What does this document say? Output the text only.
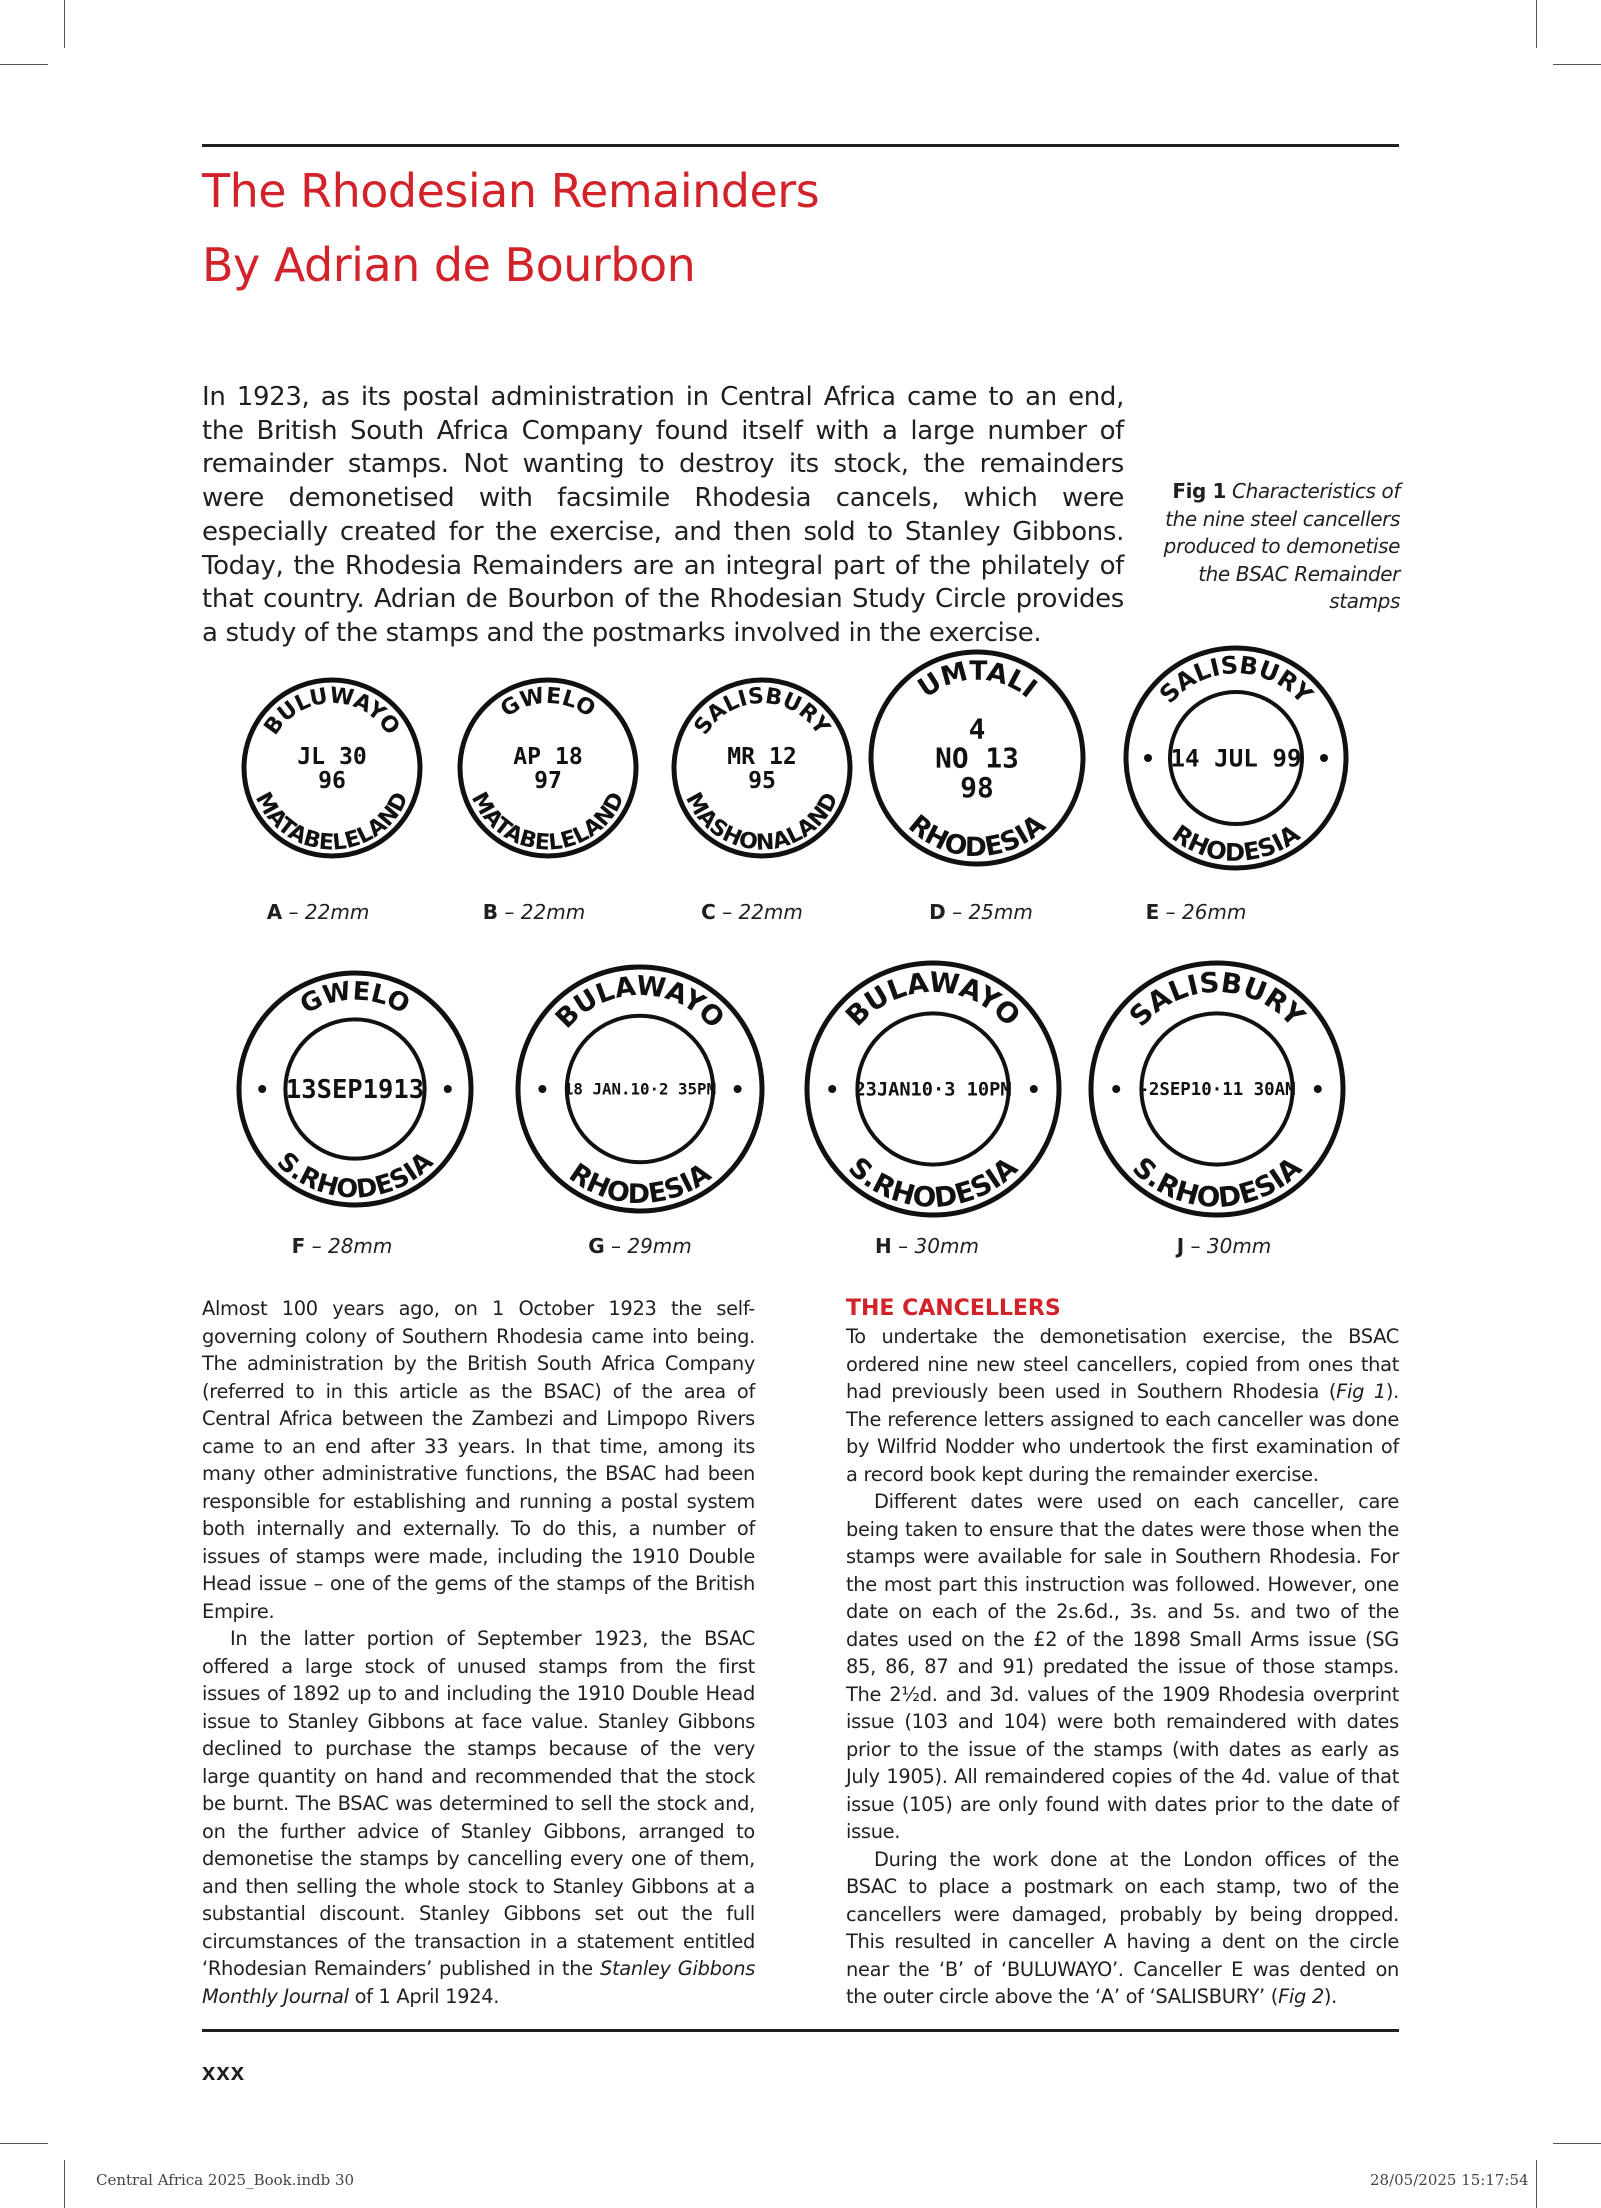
The Rhodesian Remainders
By Adrian de Bourbon

In 1923, as its postal administration in Central Africa came to an end, the British South Africa Company found itself with a large number of remainder stamps. Not wanting to destroy its stock, the remainders were demonetised with facsimile Rhodesia cancels, which were especially created for the exercise, and then sold to Stanley Gibbons. Today, the Rhodesia Remainders are an integral part of the philately of that country. Adrian de Bourbon of the Rhodesian Study Circle provides a study of the stamps and the postmarks involved in the exercise.

Fig 1 Characteristics of the nine steel cancellers produced to demonetise the BSAC Remainder stamps
BULUWAYO
MATABELELAND
JL 30
96
A – 22mm
GWELO
MATABELELAND
AP 18
97
B – 22mm
SALISBURY
MASHONALAND
MR 12
95
C – 22mm
UMTALI
RHODESIA
4
NO 13
98
D – 25mm
SALISBURY
RHODESIA
14 JUL 99
E – 26mm
GWELO
S.RHODESIA
13SEP1913
F – 28mm
BULAWAYO
RHODESIA
18 JAN.10·2 35PM
G – 29mm
BULAWAYO
S.RHODESIA
23JAN10·3 10PM
H – 30mm
SALISBURY
S.RHODESIA
-2SEP10·11 30AM
J – 30mm

Almost 100 years ago, on 1 October 1923 the self-governing colony of Southern Rhodesia came into being. The administration by the British South Africa Company (referred to in this article as the BSAC) of the area of Central Africa between the Zambezi and Limpopo Rivers came to an end after 33 years. In that time, among its many other administrative functions, the BSAC had been responsible for establishing and running a postal system both internally and externally. To do this, a number of issues of stamps were made, including the 1910 Double Head issue – one of the gems of the stamps of the British Empire.

In the latter portion of September 1923, the BSAC offered a large stock of unused stamps from the first issues of 1892 up to and including the 1910 Double Head issue to Stanley Gibbons at face value. Stanley Gibbons declined to purchase the stamps because of the very large quantity on hand and recommended that the stock be burnt. The BSAC was determined to sell the stock and, on the further advice of Stanley Gibbons, arranged to demonetise the stamps by cancelling every one of them, and then selling the whole stock to Stanley Gibbons at a substantial discount. Stanley Gibbons set out the full circumstances of the transaction in a statement entitled ‘Rhodesian Remainders’ published in the Stanley Gibbons Monthly Journal of 1 April 1924.

THE CANCELLERS

To undertake the demonetisation exercise, the BSAC ordered nine new steel cancellers, copied from ones that had previously been used in Southern Rhodesia (Fig 1). The reference letters assigned to each canceller was done by Wilfrid Nodder who undertook the first examination of a record book kept during the remainder exercise.

Different dates were used on each canceller, care being taken to ensure that the dates were those when the stamps were available for sale in Southern Rhodesia. For the most part this instruction was followed. However, one date on each of the 2s.6d., 3s. and 5s. and two of the dates used on the £2 of the 1898 Small Arms issue (SG 85, 86, 87 and 91) predated the issue of those stamps. The 2½d. and 3d. values of the 1909 Rhodesia overprint issue (103 and 104) were both remaindered with dates prior to the issue of the stamps (with dates as early as July 1905). All remaindered copies of the 4d. value of that issue (105) are only found with dates prior to the date of issue.

During the work done at the London offices of the BSAC to place a postmark on each stamp, two of the cancellers were damaged, probably by being dropped. This resulted in canceller A having a dent on the circle near the ‘B’ of ‘BULUWAYO’. Canceller E was dented on the outer circle above the ‘A’ of ‘SALISBURY’ (Fig 2).

xxx

Central Africa 2025_Book.indb 30	28/05/2025 15:17:54
